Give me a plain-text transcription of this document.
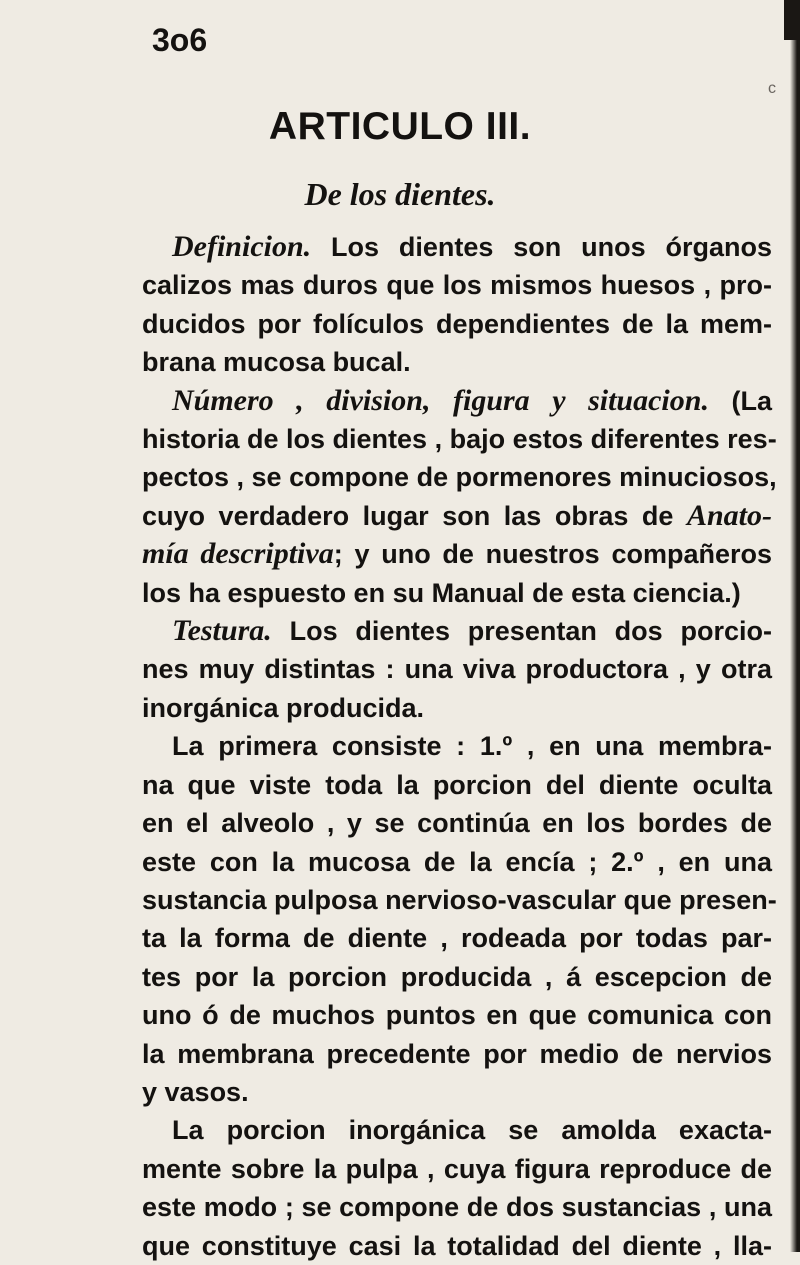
3o6
c
ARTICULO III.
De los dientes.
Definicion. Los dientes son unos órganos
calizos mas duros que los mismos huesos , pro-
ducidos por folículos dependientes de la mem-
brana mucosa bucal.
Número , division, figura y situacion. (La
historia de los dientes , bajo estos diferentes res-
pectos , se compone de pormenores minuciosos,
cuyo verdadero lugar son las obras de Anato-
mía descriptiva; y uno de nuestros compañeros
los ha espuesto en su Manual de esta ciencia.)
Testura. Los dientes presentan dos porcio-
nes muy distintas : una viva productora , y otra
inorgánica producida.
La primera consiste : 1.º , en una membra-
na que viste toda la porcion del diente oculta
en el alveolo , y se continúa en los bordes de
este con la mucosa de la encía ; 2.º , en una
sustancia pulposa nervioso-vascular que presen-
ta la forma de diente , rodeada por todas par-
tes por la porcion producida , á escepcion de
uno ó de muchos puntos en que comunica con
la membrana precedente por medio de nervios
y vasos.
La porcion inorgánica se amolda exacta-
mente sobre la pulpa , cuya figura reproduce de
este modo ; se compone de dos sustancias , una
que constituye casi la totalidad del diente , lla-
